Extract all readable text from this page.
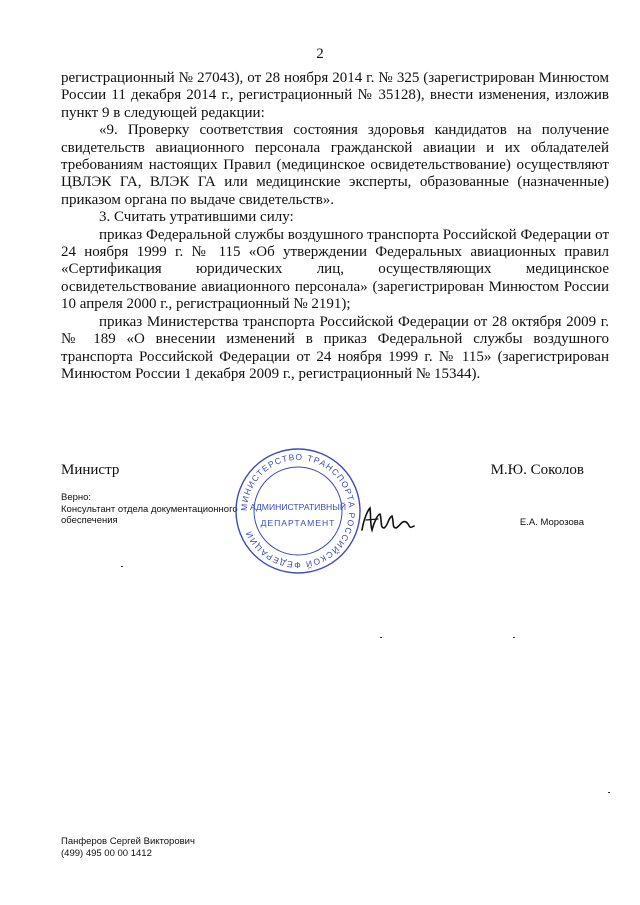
2

регистрационный № 27043), от 28 ноября 2014 г. № 325 (зарегистрирован Минюстом России 11 декабря 2014 г., регистрационный № 35128), внести изменения, изложив пункт 9 в следующей редакции:

«9. Проверку соответствия состояния здоровья кандидатов на получение свидетельств авиационного персонала гражданской авиации и их обладателей требованиям настоящих Правил (медицинское освидетельствование) осуществляют ЦВЛЭК ГА, ВЛЭК ГА или медицинские эксперты, образованные (назначенные) приказом органа по выдаче свидетельств».

3. Считать утратившими силу:

приказ Федеральной службы воздушного транспорта Российской Федерации от 24 ноября 1999 г. № 115 «Об утверждении Федеральных авиационных правил «Сертификация юридических лиц, осуществляющих медицинское освидетельствование авиационного персонала» (зарегистрирован Минюстом России 10 апреля 2000 г., регистрационный № 2191);

приказ Министерства транспорта Российской Федерации от 28 октября 2009 г. № 189 «О внесении изменений в приказ Федеральной службы воздушного транспорта Российской Федерации от 24 ноября 1999 г. № 115» (зарегистрирован Минюстом России 1 декабря 2009 г., регистрационный № 15344).

Министр	М.Ю. Соколов
Верно:
Консультант отдела документационного
обеспечения	Е.А. Морозова
МИНИСТЕРСТВО ТРАНСПОРТА РОССИЙСКОЙ ФЕДЕРАЦИИ
АДМИНИСТРАТИВНЫЙ
ДЕПАРТАМЕНТ
Панферов Сергей Викторович
(499) 495 00 00 1412
